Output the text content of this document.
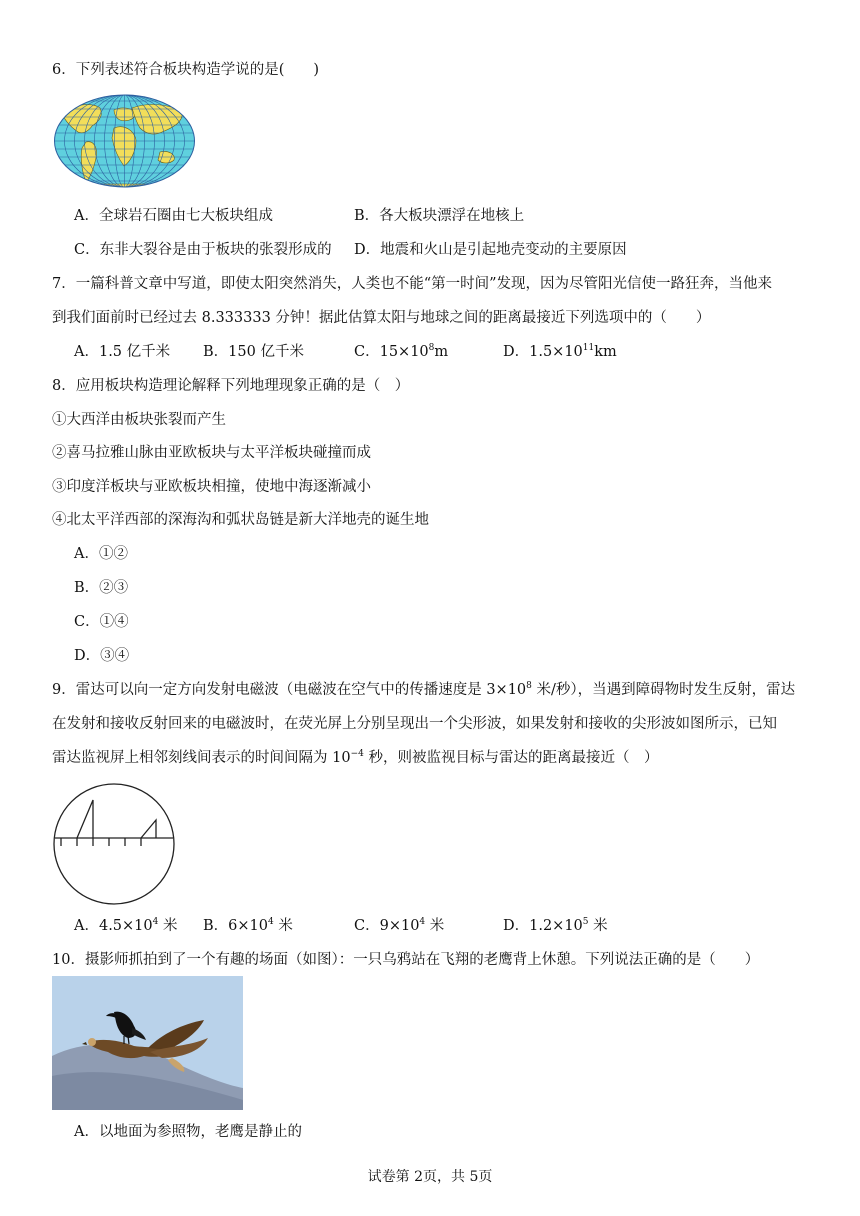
6．下列表述符合板块构造学说的是(　　)
A．全球岩石圈由七大板块组成	B．各大板块漂浮在地核上
C．东非大裂谷是由于板块的张裂形成的 D．地震和火山是引起地壳变动的主要原因
7．一篇科普文章中写道，即使太阳突然消失，人类也不能“第一时间”发现，因为尽管阳光信使一路狂奔，当他来
到我们面前时已经过去 8.333333 分钟！据此估算太阳与地球之间的距离最接近下列选项中的（　　）
A．1.5 亿千米 B．150 亿千米	C．$15\times 10^8m$	D．$1.5\times 10^{11}km$
8．应用板块构造理论解释下列地理现象正确的是（　）
①大西洋由板块张裂而产生
②喜马拉雅山脉由亚欧板块与太平洋板块碰撞而成
③印度洋板块与亚欧板块相撞，使地中海逐渐减小
④北太平洋西部的深海沟和弧状岛链是新大洋地壳的诞生地
A．①②
B．②③
C．①④
D．③④
9．雷达可以向一定方向发射电磁波（电磁波在空气中的传播速度是 $3\times 10^8$ 米/秒），当遇到障碍物时发生反射，雷达
在发射和接收反射回来的电磁波时，在荧光屏上分别呈现出一个尖形波，如果发射和接收的尖形波如图所示，已知
雷达监视屏上相邻刻线间表示的时间间隔为 $10^{-4}$ 秒，则被监视目标与雷达的距离最接近（　）
A．$4.5\times 10^4$ 米 B．$6\times 10^4$ 米	C．$9\times 10^4$ 米	D．$1.2\times 10^5$ 米
10．摄影师抓拍到了一个有趣的场面（如图）：一只乌鸦站在飞翔的老鹰背上休憩。下列说法正确的是（　　）
A．以地面为参照物，老鹰是静止的
试卷第 2页，共 5页
